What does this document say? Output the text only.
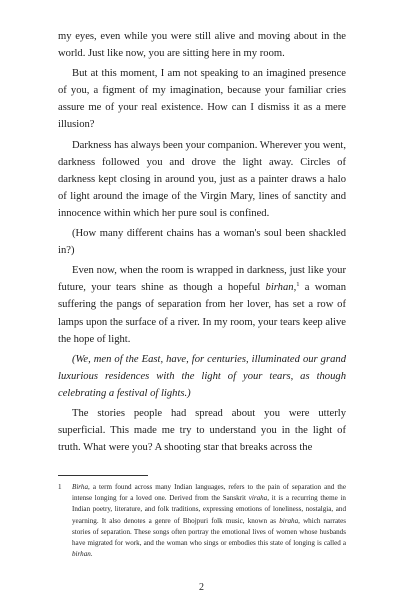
my eyes, even while you were still alive and moving about in the world. Just like now, you are sitting here in my room.

But at this moment, I am not speaking to an imagined presence of you, a figment of my imagination, because your familiar cries assure me of your real existence. How can I dismiss it as a mere illusion?

Darkness has always been your companion. Wherever you went, darkness followed you and drove the light away. Circles of darkness kept closing in around you, just as a painter draws a halo of light around the image of the Virgin Mary, lines of sanctity and innocence within which her pure soul is confined.

(How many different chains has a woman's soul been shackled in?)

Even now, when the room is wrapped in darkness, just like your future, your tears shine as though a hopeful birhan,$^1$ a woman suffering the pangs of separation from her lover, has set a row of lamps upon the surface of a river. In my room, your tears keep alive the hope of light.

(We, men of the East, have, for centuries, illuminated our grand luxurious residences with the light of your tears, as though celebrating a festival of lights.)

The stories people had spread about you were utterly superficial. This made me try to understand you in the light of truth. What were you? A shooting star that breaks across the

1 Birha, a term found across many Indian languages, refers to the pain of separation and the intense longing for a loved one. Derived from the Sanskrit viraha, it is a recurring theme in Indian poetry, literature, and folk traditions, expressing emotions of loneliness, nostalgia, and yearning. It also denotes a genre of Bhojpuri folk music, known as biraha, which narrates stories of separation. These songs often portray the emotional lives of women whose husbands have migrated for work, and the woman who sings or embodies this state of longing is called a birhan.
2
